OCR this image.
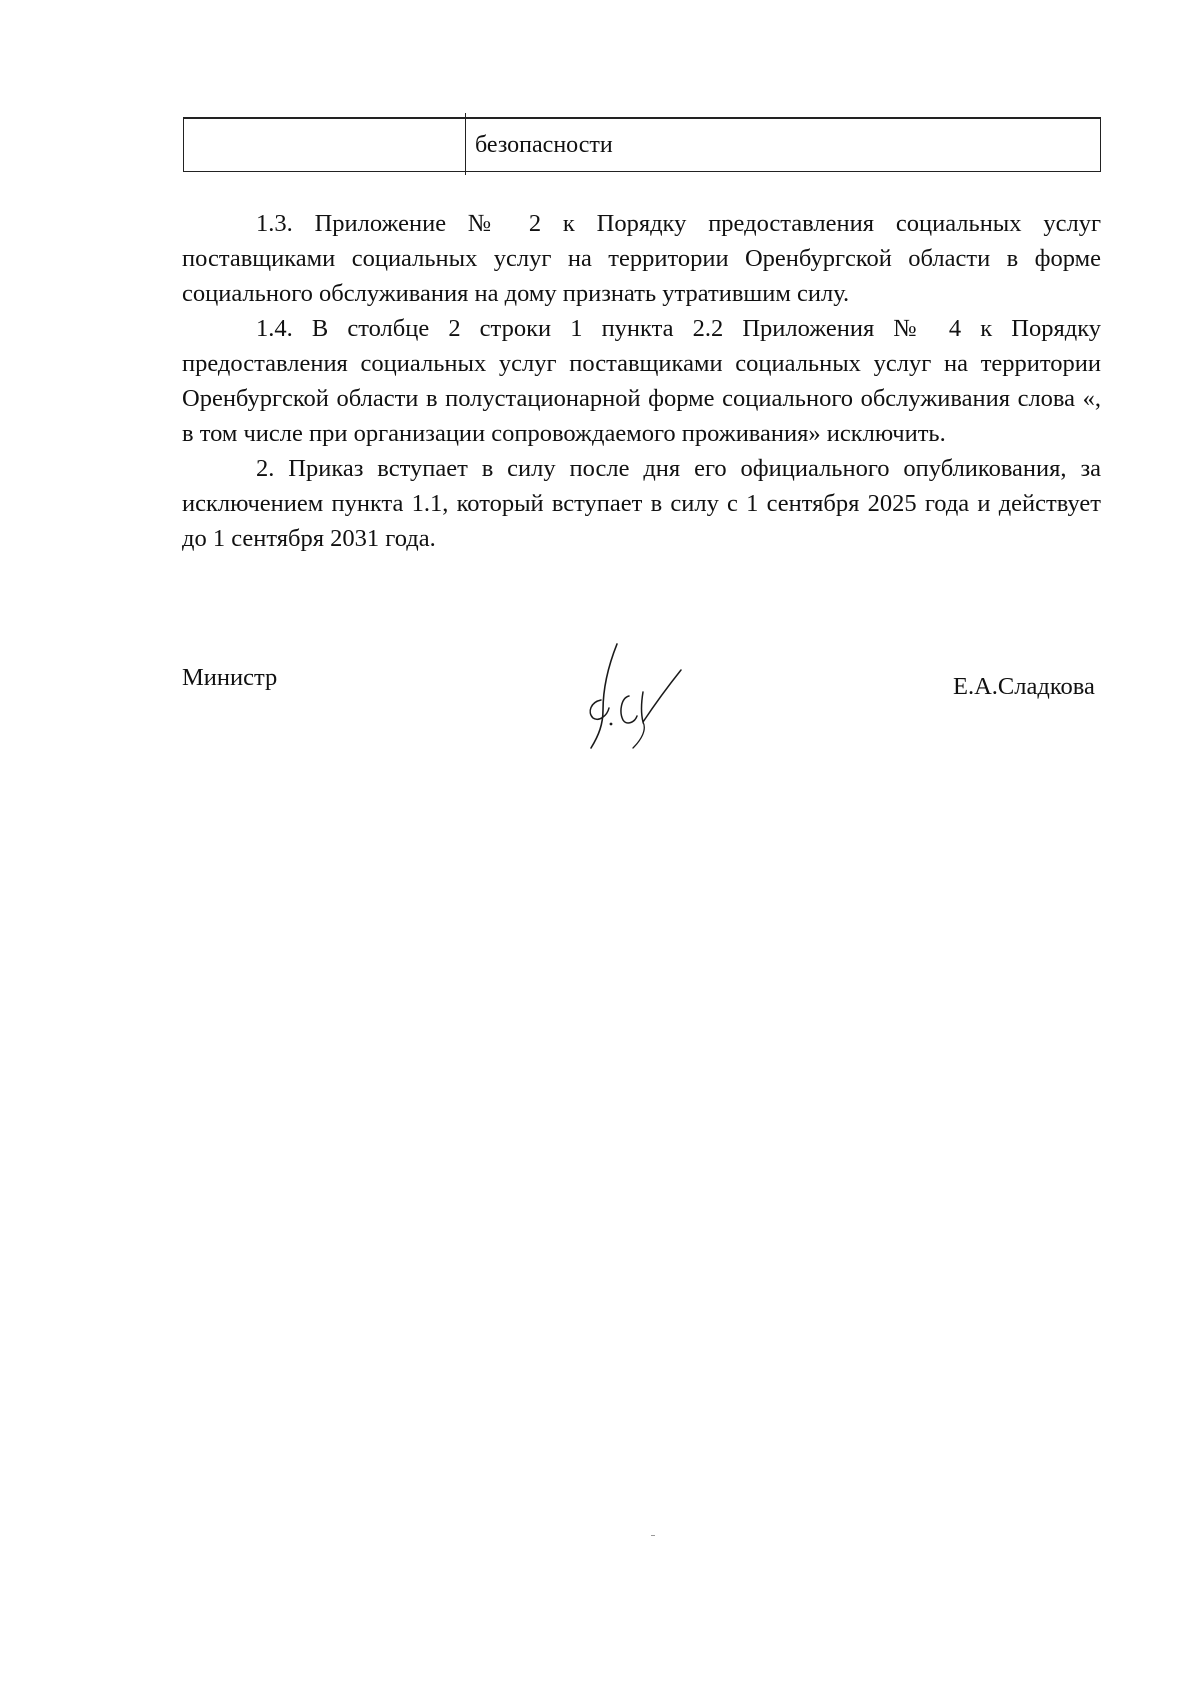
безопасности

1.3. Приложение № 2 к Порядку предоставления социальных услуг поставщиками социальных услуг на территории Оренбургской области в форме социального обслуживания на дому признать утратившим силу.

1.4. В столбце 2 строки 1 пункта 2.2 Приложения № 4 к Порядку предоставления социальных услуг поставщиками социальных услуг на территории Оренбургской области в полустационарной форме социального обслуживания слова «, в том числе при организации сопровождаемого проживания» исключить.

2. Приказ вступает в силу после дня его официального опубликования, за исключением пункта 1.1, который вступает в силу с 1 сентября 2025 года и действует до 1 сентября 2031 года.

Министр	Е.А.Сладкова
